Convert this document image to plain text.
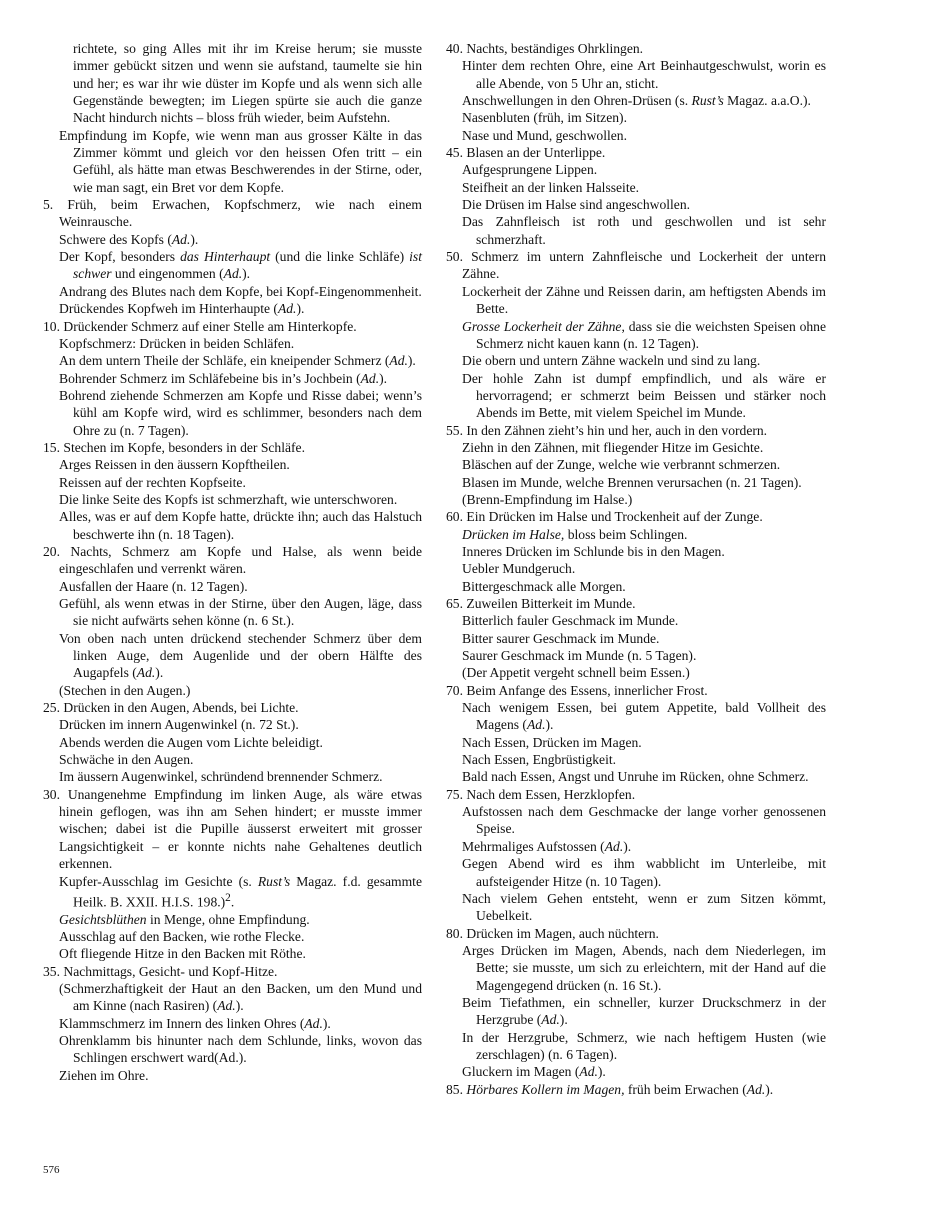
richtete, so ging Alles mit ihr im Kreise herum; sie musste immer gebückt sitzen und wenn sie aufstand, taumelte sie hin und her; es war ihr wie düster im Kopfe und als wenn sich alle Gegenstände bewegten; im Liegen spürte sie auch die ganze Nacht hindurch nichts – bloss früh wieder, beim Aufstehn.

Empfindung im Kopfe, wie wenn man aus grosser Kälte in das Zimmer kömmt und gleich vor den heissen Ofen tritt – ein Gefühl, als hätte man etwas Beschwerendes in der Stirne, oder, wie man sagt, ein Bret vor dem Kopfe.

5. Früh, beim Erwachen, Kopfschmerz, wie nach einem Weinrausche.

Schwere des Kopfs (Ad.).

Der Kopf, besonders das Hinterhaupt (und die linke Schläfe) ist schwer und eingenommen (Ad.).

Andrang des Blutes nach dem Kopfe, bei Kopf-Eingenommenheit.

Drückendes Kopfweh im Hinterhaupte (Ad.).

10. Drückender Schmerz auf einer Stelle am Hinterkopfe.

Kopfschmerz: Drücken in beiden Schläfen.

An dem untern Theile der Schläfe, ein kneipender Schmerz (Ad.).

Bohrender Schmerz im Schläfebeine bis in’s Jochbein (Ad.).

Bohrend ziehende Schmerzen am Kopfe und Risse dabei; wenn’s kühl am Kopfe wird, wird es schlimmer, besonders nach dem Ohre zu (n. 7 Tagen).

15. Stechen im Kopfe, besonders in der Schläfe.

Arges Reissen in den äussern Kopftheilen.

Reissen auf der rechten Kopfseite.

Die linke Seite des Kopfs ist schmerzhaft, wie unterschworen.

Alles, was er auf dem Kopfe hatte, drückte ihn; auch das Halstuch beschwerte ihn (n. 18 Tagen).

20. Nachts, Schmerz am Kopfe und Halse, als wenn beide eingeschlafen und verrenkt wären.

Ausfallen der Haare (n. 12 Tagen).

Gefühl, als wenn etwas in der Stirne, über den Augen, läge, dass sie nicht aufwärts sehen könne (n. 6 St.).

Von oben nach unten drückend stechender Schmerz über dem linken Auge, dem Augenlide und der obern Hälfte des Augapfels (Ad.).

(Stechen in den Augen.)

25. Drücken in den Augen, Abends, bei Lichte.

Drücken im innern Augenwinkel (n. 72 St.).

Abends werden die Augen vom Lichte beleidigt.

Schwäche in den Augen.

Im äussern Augenwinkel, schründend brennender Schmerz.

30. Unangenehme Empfindung im linken Auge, als wäre etwas hinein geflogen, was ihn am Sehen hindert; er musste immer wischen; dabei ist die Pupille äusserst erweitert mit grosser Langsichtigkeit – er konnte nichts nahe Gehaltenes deutlich erkennen.

Kupfer-Ausschlag im Gesichte (s. Rust’s Magaz. f.d. gesammte Heilk. B. XXII. H.I.S. 198.)$^2$.

Gesichtsblüthen in Menge, ohne Empfindung.

Ausschlag auf den Backen, wie rothe Flecke.

Oft fliegende Hitze in den Backen mit Röthe.

35. Nachmittags, Gesicht- und Kopf-Hitze.

(Schmerzhaftigkeit der Haut an den Backen, um den Mund und am Kinne (nach Rasiren) (Ad.).

Klammschmerz im Innern des linken Ohres (Ad.).

Ohrenklamm bis hinunter nach dem Schlunde, links, wovon das Schlingen erschwert ward(Ad.).

Ziehen im Ohre.

40. Nachts, beständiges Ohrklingen.

Hinter dem rechten Ohre, eine Art Beinhautgeschwulst, worin es alle Abende, von 5 Uhr an, sticht.

Anschwellungen in den Ohren-Drüsen (s. Rust’s Magaz. a.a.O.).

Nasenbluten (früh, im Sitzen).

Nase und Mund, geschwollen.

45. Blasen an der Unterlippe.

Aufgesprungene Lippen.

Steifheit an der linken Halsseite.

Die Drüsen im Halse sind angeschwollen.

Das Zahnfleisch ist roth und geschwollen und ist sehr schmerzhaft.

50. Schmerz im untern Zahnfleische und Lockerheit der untern Zähne.

Lockerheit der Zähne und Reissen darin, am heftigsten Abends im Bette.

Grosse Lockerheit der Zähne, dass sie die weichsten Speisen ohne Schmerz nicht kauen kann (n. 12 Tagen).

Die obern und untern Zähne wackeln und sind zu lang.

Der hohle Zahn ist dumpf empfindlich, und als wäre er hervorragend; er schmerzt beim Beissen und stärker noch Abends im Bette, mit vielem Speichel im Munde.

55. In den Zähnen zieht’s hin und her, auch in den vordern.

Ziehn in den Zähnen, mit fliegender Hitze im Gesichte.

Bläschen auf der Zunge, welche wie verbrannt schmerzen.

Blasen im Munde, welche Brennen verursachen (n. 21 Tagen).

(Brenn-Empfindung im Halse.)

60. Ein Drücken im Halse und Trockenheit auf der Zunge.

Drücken im Halse, bloss beim Schlingen.

Inneres Drücken im Schlunde bis in den Magen.

Uebler Mundgeruch.

Bittergeschmack alle Morgen.

65. Zuweilen Bitterkeit im Munde.

Bitterlich fauler Geschmack im Munde.

Bitter saurer Geschmack im Munde.

Saurer Geschmack im Munde (n. 5 Tagen).

(Der Appetit vergeht schnell beim Essen.)

70. Beim Anfange des Essens, innerlicher Frost.

Nach wenigem Essen, bei gutem Appetite, bald Vollheit des Magens (Ad.).

Nach Essen, Drücken im Magen.

Nach Essen, Engbrüstigkeit.

Bald nach Essen, Angst und Unruhe im Rücken, ohne Schmerz.

75. Nach dem Essen, Herzklopfen.

Aufstossen nach dem Geschmacke der lange vorher genossenen Speise.

Mehrmaliges Aufstossen (Ad.).

Gegen Abend wird es ihm wabblicht im Unterleibe, mit aufsteigender Hitze (n. 10 Tagen).

Nach vielem Gehen entsteht, wenn er zum Sitzen kömmt, Uebelkeit.

80. Drücken im Magen, auch nüchtern.

Arges Drücken im Magen, Abends, nach dem Niederlegen, im Bette; sie musste, um sich zu erleichtern, mit der Hand auf die Magengegend drücken (n. 16 St.).

Beim Tiefathmen, ein schneller, kurzer Druckschmerz in der Herzgrube (Ad.).

In der Herzgrube, Schmerz, wie nach heftigem Husten (wie zerschlagen) (n. 6 Tagen).

Gluckern im Magen (Ad.).

85. Hörbares Kollern im Magen, früh beim Erwachen (Ad.).

576
